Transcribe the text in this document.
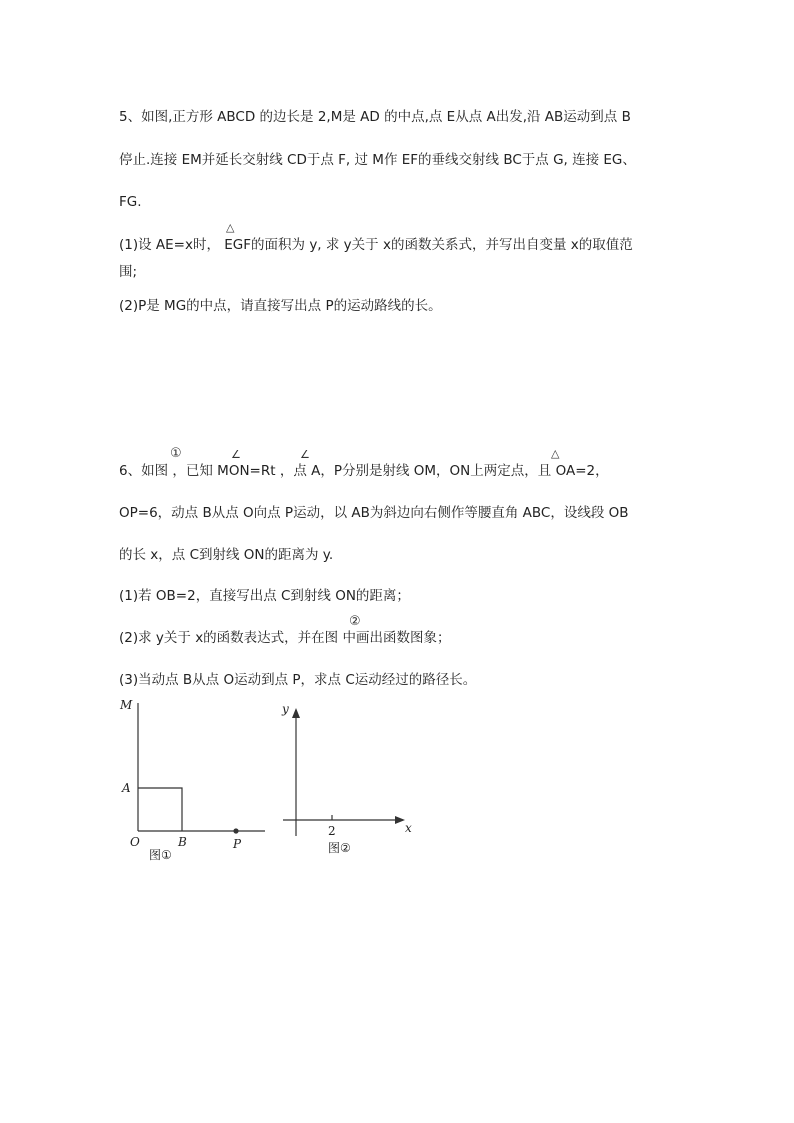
5、如图,正方形 ABCD 的边长是 2,M是 AD 的中点,点 E从点 A出发,沿 AB运动到点 B
停止.连接 EM并延长交射线 CD于点 F, 过 M作 EF的垂线交射线 BC于点 G, 连接 EG、
FG.
△
(1)设 AE=x时， EGF的面积为 y, 求 y关于 x的函数关系式，并写出自变量 x的取值范
围;
(2)P是 MG的中点，请直接写出点 P的运动路线的长。
①	∠	∠	△
6、如图 ，已知 MON=Rt ，点 A，P分别是射线 OM，ON上两定点，且 OA=2，
OP=6，动点 B从点 O向点 P运动，以 AB为斜边向右侧作等腰直角 ABC，设线段 OB
的长 x，点 C到射线 ON的距离为 y.
(1)若 OB=2，直接写出点 C到射线 ON的距离；
②
(2)求 y关于 x的函数表达式，并在图 中画出函数图象；
(3)当动点 B从点 O运动到点 P，求点 C运动经过的路径长。
M
A
O	B	P
图①
y
x
2
图②
